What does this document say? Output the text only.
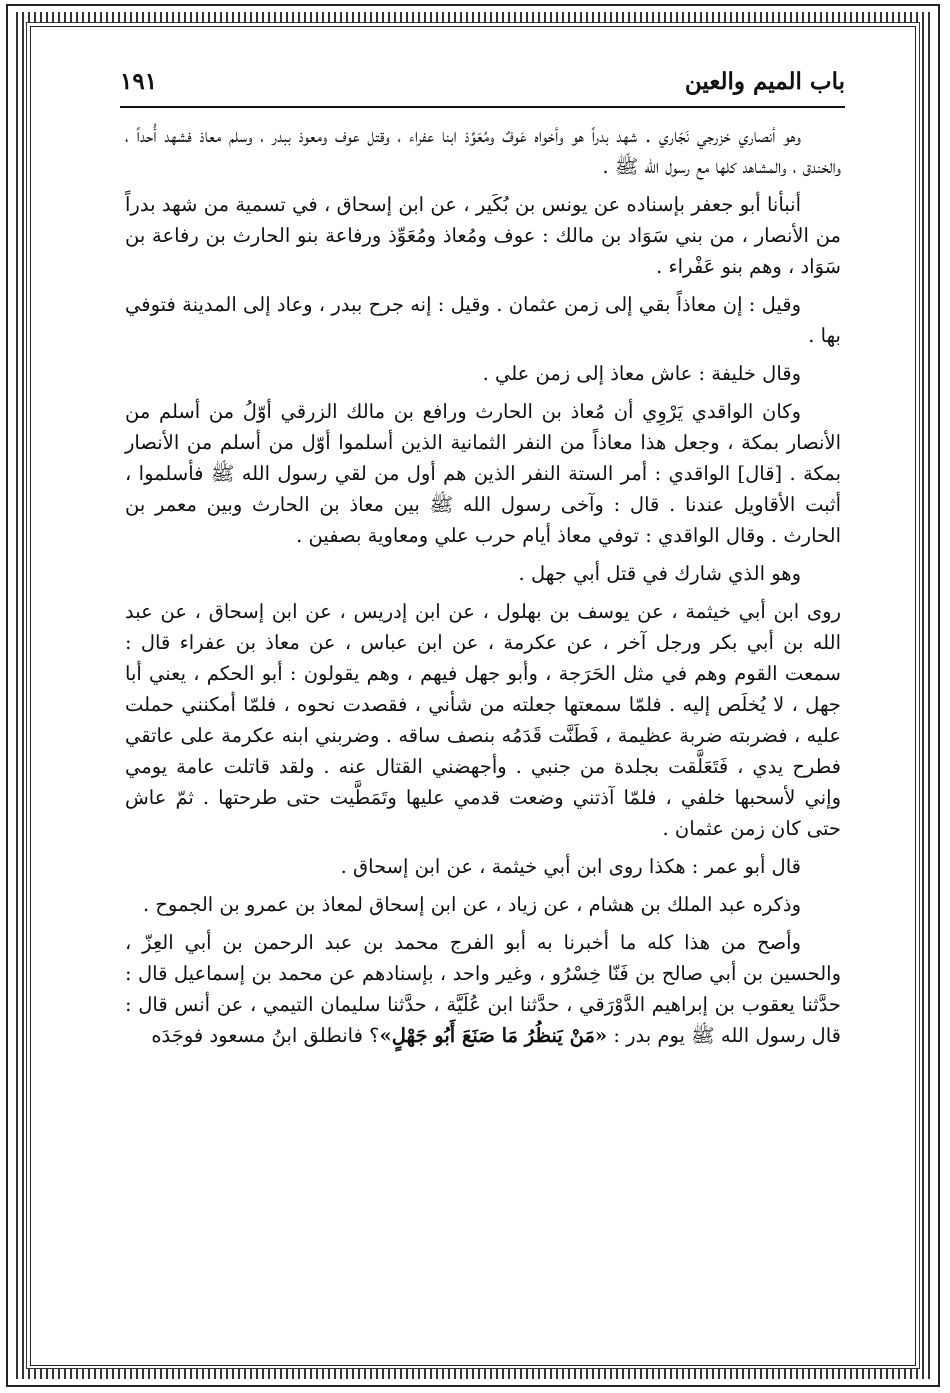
باب الميم والعين
١٩١

وهو أنصاري خزرجي نَجّاري . شهد بدراً هو وأخواه عَوفٌ ومُعَوِّذ ابنا عفراء ، وقتل عوف ومعوذ ببدر ، وسلم معاذ فشهد أُحداً ، والخندق ، والمشاهد كلها مع رسول الله ﷺ .

أنبأنا أبو جعفر بإسناده عن يونس بن بُكَير ، عن ابن إسحاق ، في تسمية من شهد بدراً من الأنصار ، من بني سَوَاد بن مالك : عوف ومُعاذ ومُعَوِّذ ورفاعة بنو الحارث بن رفاعة بن سَوَاد ، وهم بنو عَفْراء .

وقيل : إن معاذاً بقي إلى زمن عثمان . وقيل : إنه جرح ببدر ، وعاد إلى المدينة فتوفي بها .

وقال خليفة : عاش معاذ إلى زمن علي .

وكان الواقدي يَرْوِي أن مُعاذ بن الحارث ورافع بن مالك الزرقي أوّلُ من أسلم من الأنصار بمكة ، وجعل هذا معاذاً من النفر الثمانية الذين أسلموا أوّل من أسلم من الأنصار بمكة . [قال] الواقدي : أمر الستة النفر الذين هم أول من لقي رسول الله ﷺ فأسلموا ، أثبت الأقاويل عندنا . قال : وآخى رسول الله ﷺ بين معاذ بن الحارث وبين معمر بن الحارث . وقال الواقدي : توفي معاذ أيام حرب علي ومعاوية بصفين .

وهو الذي شارك في قتل أبي جهل .

روى ابن أبي خيثمة ، عن يوسف بن بهلول ، عن ابن إدريس ، عن ابن إسحاق ، عن عبد الله بن أبي بكر ورجل آخر ، عن عكرمة ، عن ابن عباس ، عن معاذ بن عفراء قال : سمعت القوم وهم في مثل الحَرَجة ، وأبو جهل فيهم ، وهم يقولون : أبو الحكم ، يعني أبا جهل ، لا يُخلَص إليه . فلمّا سمعتها جعلته من شأني ، فقصدت نحوه ، فلمّا أمكنني حملت عليه ، فضربته ضربة عظيمة ، فَطَنَّت قَدَمُه بنصف ساقه . وضربني ابنه عكرمة على عاتقي فطرح يدي ، فَتَعَلَّقت بجلدة من جنبي . وأجهضني القتال عنه . ولقد قاتلت عامة يومي وإني لأسحبها خلفي ، فلمّا آذتني وضعت قدمي عليها وتَمَطَّيت حتى طرحتها . ثمّ عاش حتى كان زمن عثمان .

قال أبو عمر : هكذا روى ابن أبي خيثمة ، عن ابن إسحاق .

وذكره عبد الملك بن هشام ، عن زياد ، عن ابن إسحاق لمعاذ بن عمرو بن الجموح .

وأصح من هذا كله ما أخبرنا به أبو الفرج محمد بن عبد الرحمن بن أبي العِزّ ، والحسين بن أبي صالح بن فَنّا خِسْرُو ، وغير واحد ، بإسنادهم عن محمد بن إسماعيل قال : حدَّثنا يعقوب بن إبراهيم الدَّوْرَقي ، حدَّثنا ابن عُلَيَّة ، حدَّثنا سليمان التيمي ، عن أنس قال : قال رسول الله ﷺ يوم بدر : «مَنْ يَنظُرُ مَا صَنَعَ أَبُو جَهْلٍ»؟ فانطلق ابنُ مسعود فوجَدَه
